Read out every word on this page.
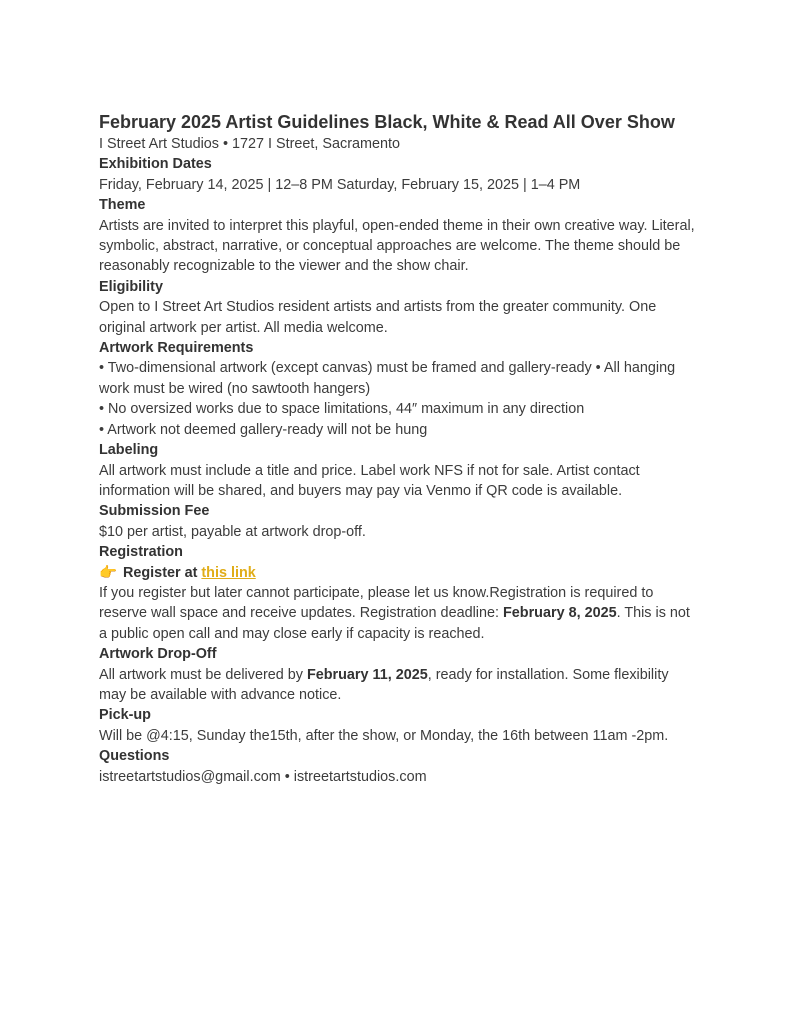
February 2025 Artist Guidelines Black, White & Read All Over Show

I Street Art Studios • 1727 I Street, Sacramento

Exhibition Dates

Friday, February 14, 2025 | 12–8 PM Saturday, February 15, 2025 | 1–4 PM

Theme

Artists are invited to interpret this playful, open-ended theme in their own creative way. Literal, symbolic, abstract, narrative, or conceptual approaches are welcome. The theme should be reasonably recognizable to the viewer and the show chair.

Eligibility

Open to I Street Art Studios resident artists and artists from the greater community. One original artwork per artist. All media welcome.

Artwork Requirements

• Two-dimensional artwork (except canvas) must be framed and gallery-ready • All hanging work must be wired (no sawtooth hangers)

• No oversized works due to space limitations, 44″ maximum in any direction

• Artwork not deemed gallery-ready will not be hung

Labeling

All artwork must include a title and price. Label work NFS if not for sale. Artist contact information will be shared, and buyers may pay via Venmo if QR code is available.

Submission Fee

$10 per artist, payable at artwork drop-off.

Registration

👉 Register at this link

If you register but later cannot participate, please let us know.Registration is required to reserve wall space and receive updates. Registration deadline: February 8, 2025. This is not a public open call and may close early if capacity is reached.

Artwork Drop-Off

All artwork must be delivered by February 11, 2025, ready for installation. Some flexibility may be available with advance notice.

Pick-up

Will be @4:15, Sunday the15th, after the show, or Monday, the 16th between 11am -2pm.

Questions

istreetartstudios@gmail.com • istreetartstudios.com
